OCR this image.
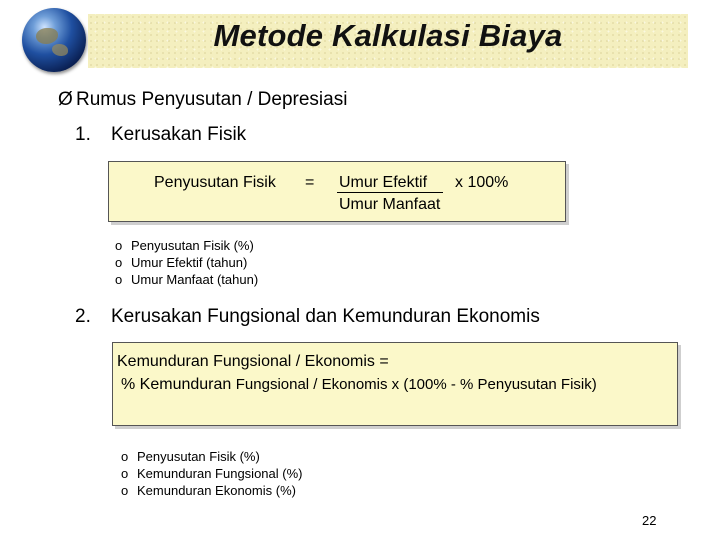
Metode Kalkulasi Biaya
Ø Rumus Penyusutan / Depresiasi
1. Kerusakan Fisik
Penyusutan Fisik = Umur Efektif	x 100%
Umur Manfaat
o Penyusutan Fisik (%)
o Umur Efektif (tahun)
o Umur Manfaat (tahun)
2. Kerusakan Fungsional dan Kemunduran Ekonomis
Kemunduran Fungsional / Ekonomis =
% Kemunduran Fungsional / Ekonomis x (100% - % Penyusutan Fisik)
o Penyusutan Fisik (%)
o Kemunduran Fungsional (%)
o Kemunduran Ekonomis (%)
22
